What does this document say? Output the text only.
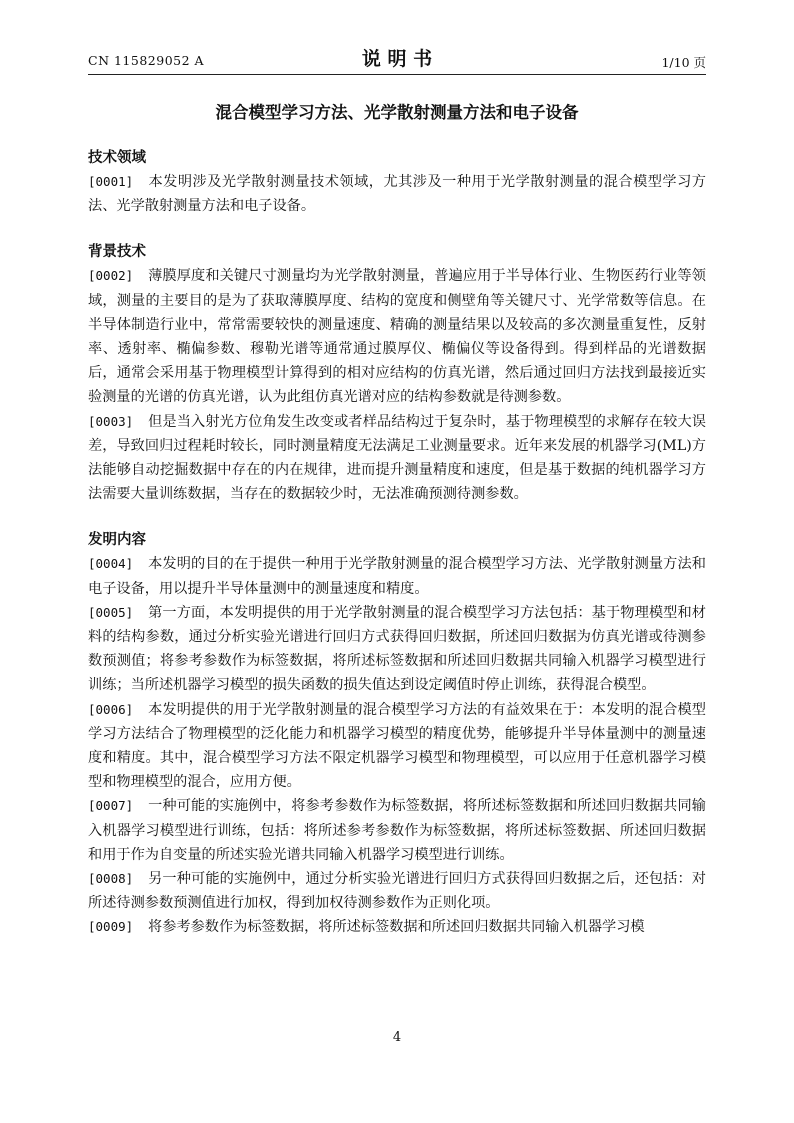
CN 115829052 A	说 明 书	1/10 页
混合模型学习方法、光学散射测量方法和电子设备
技术领域

[0001] 本发明涉及光学散射测量技术领域，尤其涉及一种用于光学散射测量的混合模型学习方法、光学散射测量方法和电子设备。

背景技术

[0002] 薄膜厚度和关键尺寸测量均为光学散射测量，普遍应用于半导体行业、生物医药行业等领域，测量的主要目的是为了获取薄膜厚度、结构的宽度和侧壁角等关键尺寸、光学常数等信息。在半导体制造行业中，常常需要较快的测量速度、精确的测量结果以及较高的多次测量重复性，反射率、透射率、椭偏参数、穆勒光谱等通常通过膜厚仪、椭偏仪等设备得到。得到样品的光谱数据后，通常会采用基于物理模型计算得到的相对应结构的仿真光谱，然后通过回归方法找到最接近实验测量的光谱的仿真光谱，认为此组仿真光谱对应的结构参数就是待测参数。

[0003] 但是当入射光方位角发生改变或者样品结构过于复杂时，基于物理模型的求解存在较大误差，导致回归过程耗时较长，同时测量精度无法满足工业测量要求。近年来发展的机器学习(ML)方法能够自动挖掘数据中存在的内在规律，进而提升测量精度和速度，但是基于数据的纯机器学习方法需要大量训练数据，当存在的数据较少时，无法准确预测待测参数。

发明内容

[0004] 本发明的目的在于提供一种用于光学散射测量的混合模型学习方法、光学散射测量方法和电子设备，用以提升半导体量测中的测量速度和精度。

[0005] 第一方面，本发明提供的用于光学散射测量的混合模型学习方法包括：基于物理模型和材料的结构参数，通过分析实验光谱进行回归方式获得回归数据，所述回归数据为仿真光谱或待测参数预测值；将参考参数作为标签数据，将所述标签数据和所述回归数据共同输入机器学习模型进行训练；当所述机器学习模型的损失函数的损失值达到设定阈值时停止训练，获得混合模型。

[0006] 本发明提供的用于光学散射测量的混合模型学习方法的有益效果在于：本发明的混合模型学习方法结合了物理模型的泛化能力和机器学习模型的精度优势，能够提升半导体量测中的测量速度和精度。其中，混合模型学习方法不限定机器学习模型和物理模型，可以应用于任意机器学习模型和物理模型的混合，应用方便。

[0007] 一种可能的实施例中，将参考参数作为标签数据，将所述标签数据和所述回归数据共同输入机器学习模型进行训练，包括：将所述参考参数作为标签数据，将所述标签数据、所述回归数据和用于作为自变量的所述实验光谱共同输入机器学习模型进行训练。

[0008] 另一种可能的实施例中，通过分析实验光谱进行回归方式获得回归数据之后，还包括：对所述待测参数预测值进行加权，得到加权待测参数作为正则化项。

[0009] 将参考参数作为标签数据，将所述标签数据和所述回归数据共同输入机器学习模

4
